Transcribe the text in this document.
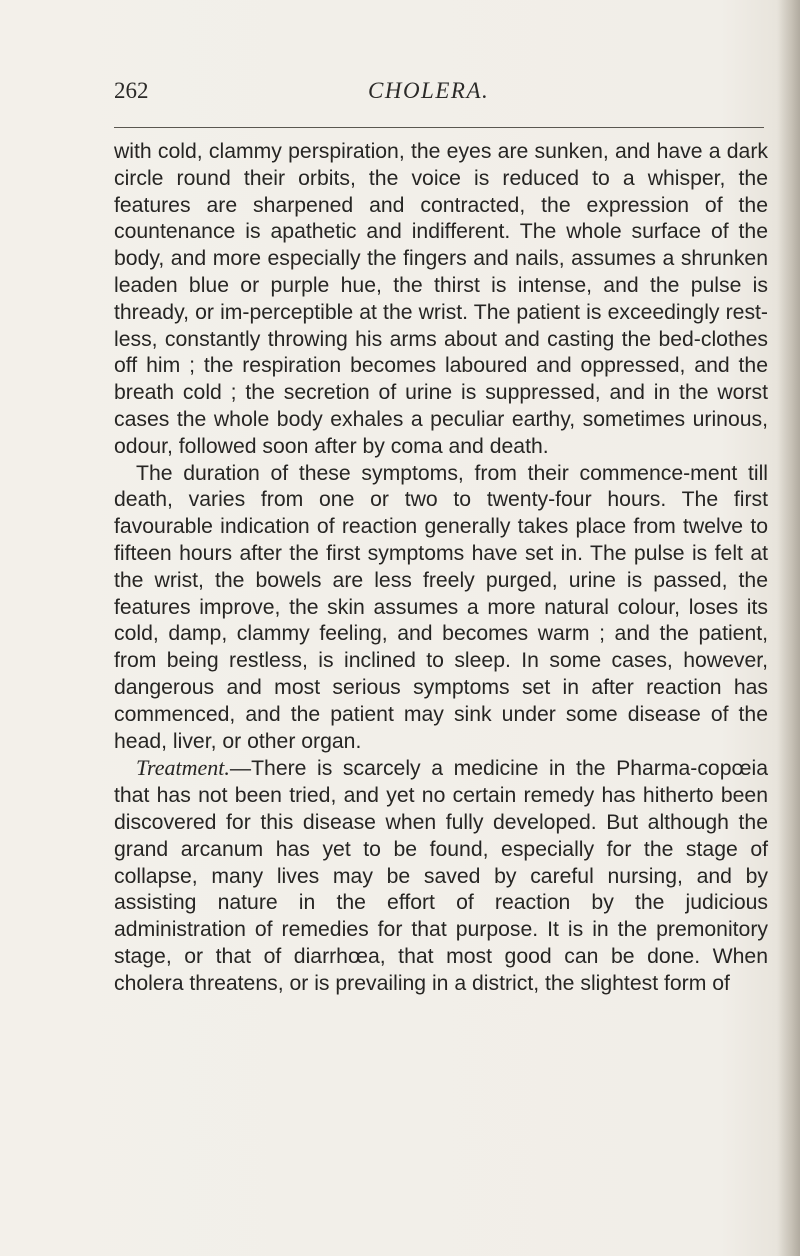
262	CHOLERA.

with cold, clammy perspiration, the eyes are sunken, and have a dark circle round their orbits, the voice is reduced to a whisper, the features are sharpened and contracted, the expression of the countenance is apathetic and indifferent. The whole surface of the body, and more especially the fingers and nails, assumes a shrunken leaden blue or purple hue, the thirst is intense, and the pulse is thready, or im-perceptible at the wrist. The patient is exceedingly rest-less, constantly throwing his arms about and casting the bed-clothes off him ; the respiration becomes laboured and oppressed, and the breath cold ; the secretion of urine is suppressed, and in the worst cases the whole body exhales a peculiar earthy, sometimes urinous, odour, followed soon after by coma and death.

The duration of these symptoms, from their commence-ment till death, varies from one or two to twenty-four hours. The first favourable indication of reaction generally takes place from twelve to fifteen hours after the first symptoms have set in. The pulse is felt at the wrist, the bowels are less freely purged, urine is passed, the features improve, the skin assumes a more natural colour, loses its cold, damp, clammy feeling, and becomes warm ; and the patient, from being restless, is inclined to sleep. In some cases, however, dangerous and most serious symptoms set in after reaction has commenced, and the patient may sink under some disease of the head, liver, or other organ.

Treatment.—There is scarcely a medicine in the Pharma-copœia that has not been tried, and yet no certain remedy has hitherto been discovered for this disease when fully developed. But although the grand arcanum has yet to be found, especially for the stage of collapse, many lives may be saved by careful nursing, and by assisting nature in the effort of reaction by the judicious administration of remedies for that purpose. It is in the premonitory stage, or that of diarrhœa, that most good can be done. When cholera threatens, or is prevailing in a district, the slightest form of
